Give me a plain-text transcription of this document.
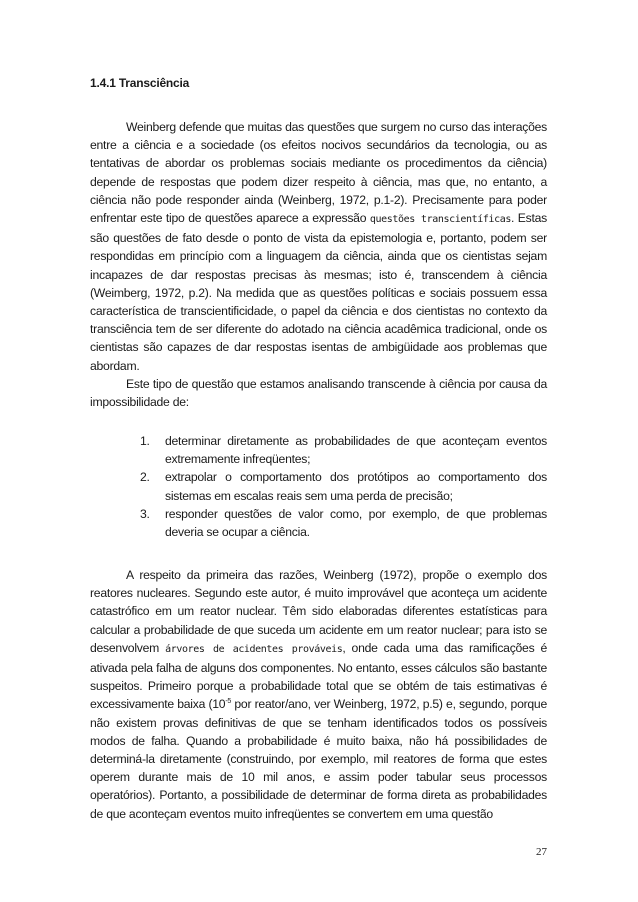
1.4.1 Transciência

Weinberg defende que muitas das questões que surgem no curso das interações entre a ciência e a sociedade (os efeitos nocivos secundários da tecnologia, ou as tentativas de abordar os problemas sociais mediante os procedimentos da ciência) depende de respostas que podem dizer respeito à ciência, mas que, no entanto, a ciência não pode responder ainda (Weinberg, 1972, p.1-2). Precisamente para poder enfrentar este tipo de questões aparece a expressão questões transcientíficas. Estas são questões de fato desde o ponto de vista da epistemologia e, portanto, podem ser respondidas em princípio com a linguagem da ciência, ainda que os cientistas sejam incapazes de dar respostas precisas às mesmas; isto é, transcendem à ciência (Weimberg, 1972, p.2). Na medida que as questões políticas e sociais possuem essa característica de transcientificidade, o papel da ciência e dos cientistas no contexto da transciência tem de ser diferente do adotado na ciência acadêmica tradicional, onde os cientistas são capazes de dar respostas isentas de ambigüidade aos problemas que abordam.

Este tipo de questão que estamos analisando transcende à ciência por causa da impossibilidade de:

1. determinar diretamente as probabilidades de que aconteçam eventos extremamente infreqüentes;
2. extrapolar o comportamento dos protótipos ao comportamento dos sistemas em escalas reais sem uma perda de precisão;
3. responder questões de valor como, por exemplo, de que problemas deveria se ocupar a ciência.

A respeito da primeira das razões, Weinberg (1972), propõe o exemplo dos reatores nucleares. Segundo este autor, é muito improvável que aconteça um acidente catastrófico em um reator nuclear. Têm sido elaboradas diferentes estatísticas para calcular a probabilidade de que suceda um acidente em um reator nuclear; para isto se desenvolvem árvores de acidentes prováveis, onde cada uma das ramificações é ativada pela falha de alguns dos componentes. No entanto, esses cálculos são bastante suspeitos. Primeiro porque a probabilidade total que se obtém de tais estimativas é excessivamente baixa ($10^{-5}$ por reator/ano, ver Weinberg, 1972, p.5) e, segundo, porque não existem provas definitivas de que se tenham identificados todos os possíveis modos de falha. Quando a probabilidade é muito baixa, não há possibilidades de determiná-la diretamente (construindo, por exemplo, mil reatores de forma que estes operem durante mais de 10 mil anos, e assim poder tabular seus processos operatórios). Portanto, a possibilidade de determinar de forma direta as probabilidades de que aconteçam eventos muito infreqüentes se convertem em uma questão

27
